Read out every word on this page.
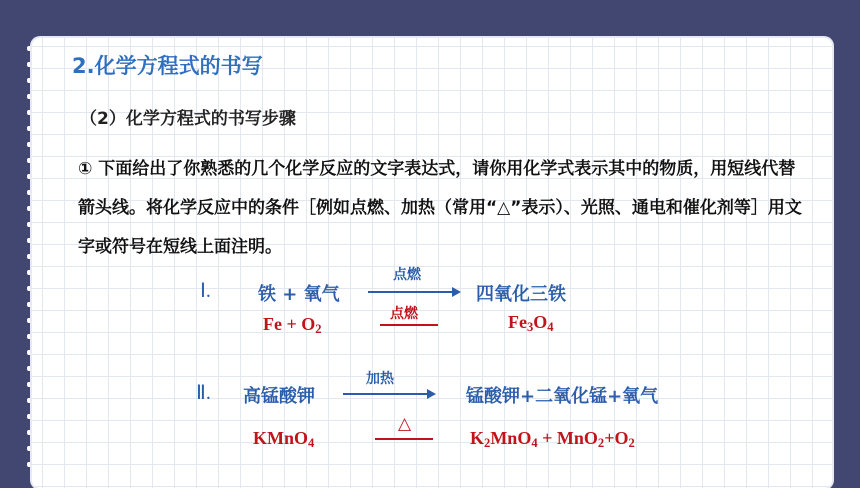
2.化学方程式的书写
（2）化学方程式的书写步骤
① 下面给出了你熟悉的几个化学反应的文字表达式，请你用化学式表示其中的物质，用短线代替箭头线。将化学反应中的条件［例如点燃、加热（常用“△”表示）、光照、通电和催化剂等］用文字或符号在短线上面注明。
Ⅰ.	铁 + 氧气
点燃
四氧化三铁
$Fe + O_2$
点燃	$Fe_3O_4$
Ⅱ. 高锰酸钾
加热
锰酸钾+二氧化锰+氧气
KMnO$_4$
△
$K_2MnO_4 + MnO_2+O_2$
